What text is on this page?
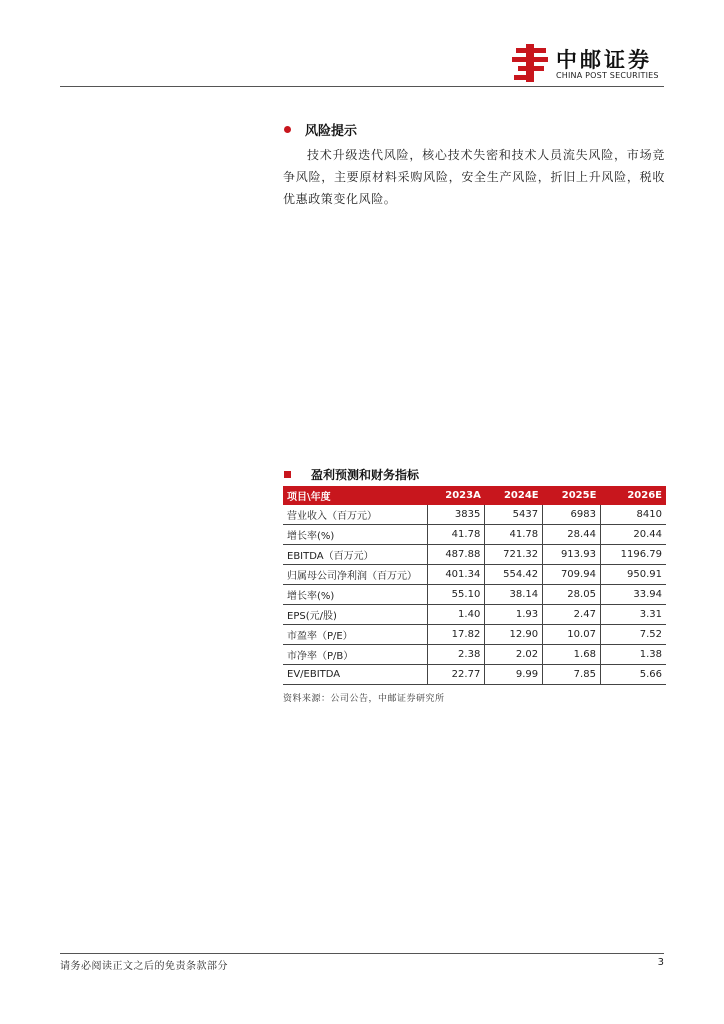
中邮证券
CHINA POST SECURITIES
风险提示
技术升级迭代风险，核心技术失密和技术人员流失风险，市场竞争风险，主要原材料采购风险，安全生产风险，折旧上升风险，税收优惠政策变化风险。
盈利预测和财务指标
项目\年度	2023A	2024E	2025E	2026E
营业收入（百万元）	3835	5437	6983	8410
增长率(%)	41.78	41.78	28.44	20.44
EBITDA（百万元）	487.88	721.32	913.93	1196.79
归属母公司净利润（百万元）	401.34	554.42	709.94	950.91
增长率(%)	55.10	38.14	28.05	33.94
EPS(元/股)	1.40	1.93	2.47	3.31
市盈率（P/E）	17.82	12.90	10.07	7.52
市净率（P/B）	2.38	2.02	1.68	1.38
EV/EBITDA	22.77	9.99	7.85	5.66
资料来源：公司公告，中邮证券研究所
请务必阅读正文之后的免责条款部分	3
